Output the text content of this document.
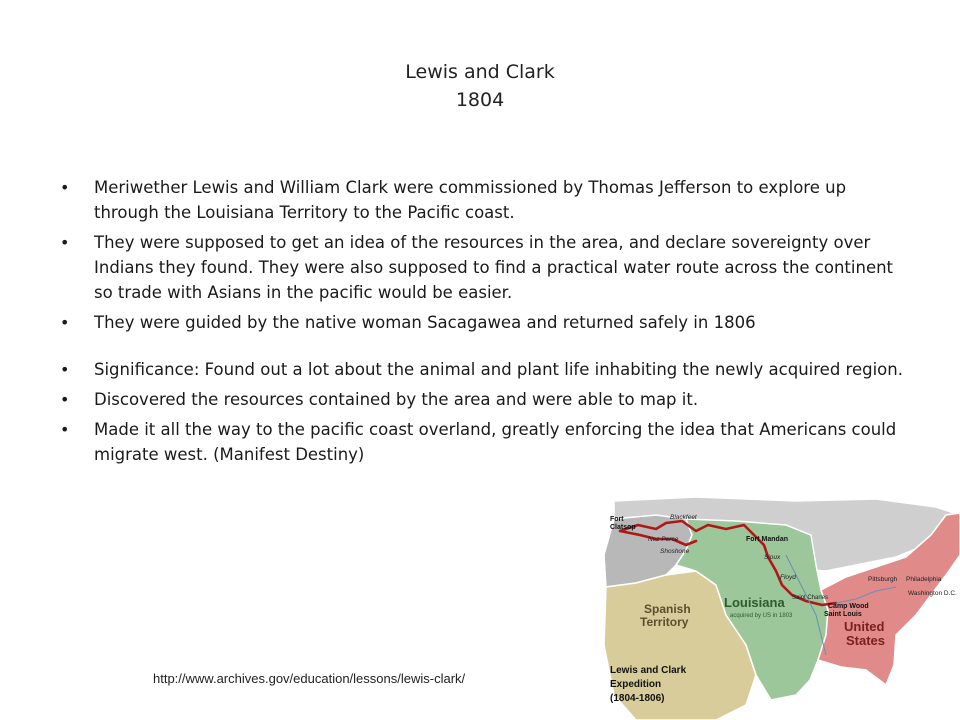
Lewis and Clark
1804
• Meriwether Lewis and William Clark were commissioned by Thomas Jefferson to explore up through the Louisiana Territory to the Pacific coast.
• They were supposed to get an idea of the resources in the area, and declare sovereignty over Indians they found. They were also supposed to find a practical water route across the continent so trade with Asians in the pacific would be easier.
• They were guided by the native woman Sacagawea and returned safely in 1806
• Significance: Found out a lot about the animal and plant life inhabiting the newly acquired region.
• Discovered the resources contained by the area and were able to map it.
• Made it all the way to the pacific coast overland, greatly enforcing the idea that Americans could migrate west. (Manifest Destiny)
http://www.archives.gov/education/lessons/lewis-clark/
Fort
Clatsop
Blackfeet
Nez Perce
Shoshone
Fort Mandan
Sioux
Floyd
Saint Charles
Camp Wood
Saint Louis
Pittsburgh Philadelphia
Washington D.C.
Spanish
Territory
Louisiana
acquired by US in 1803
United
States
Lewis and Clark
Expedition
(1804-1806)
